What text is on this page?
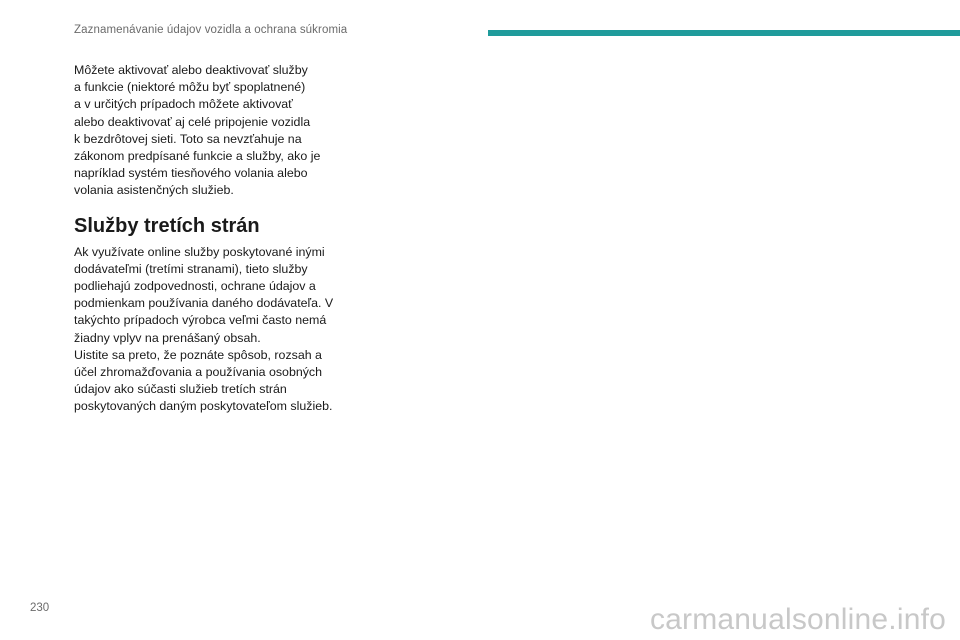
Zaznamenávanie údajov vozidla a ochrana súkromia

Môžete aktivovať alebo deaktivovať služby
a funkcie (niektoré môžu byť spoplatnené)
a v určitých prípadoch môžete aktivovať
alebo deaktivovať aj celé pripojenie vozidla
k bezdrôtovej sieti. Toto sa nevzťahuje na
zákonom predpísané funkcie a služby, ako je
napríklad systém tiesňového volania alebo
volania asistenčných služieb.

Služby tretích strán

Ak využívate online služby poskytované inými
dodávateľmi (tretími stranami), tieto služby
podliehajú zodpovednosti, ochrane údajov a
podmienkam používania daného dodávateľa. V
takýchto prípadoch výrobca veľmi často nemá
žiadny vplyv na prenášaný obsah.
Uistite sa preto, že poznáte spôsob, rozsah a
účel zhromažďovania a používania osobných
údajov ako súčasti služieb tretích strán
poskytovaných daným poskytovateľom služieb.

230	carmanualsonline.info
